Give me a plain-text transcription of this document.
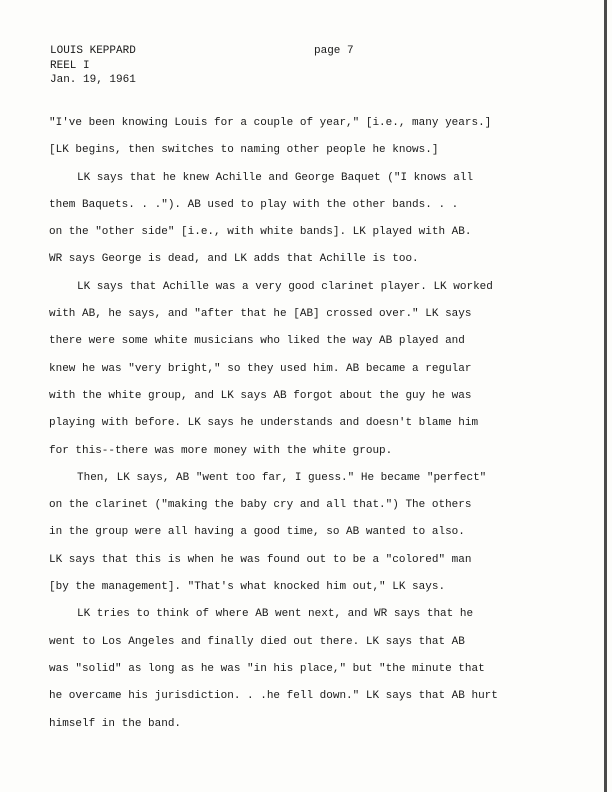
LOUIS KEPPARD
REEL I
Jan. 19, 1961
page 7
"I've been knowing Louis for a couple of year," [i.e., many years.]
[LK begins, then switches to naming other people he knows.]
LK says that he knew Achille and George Baquet ("I knows all
them Baquets. . ."). AB used to play with the other bands. . .
on the "other side" [i.e., with white bands]. LK played with AB.
WR says George is dead, and LK adds that Achille is too.
LK says that Achille was a very good clarinet player. LK worked
with AB, he says, and "after that he [AB] crossed over." LK says
there were some white musicians who liked the way AB played and
knew he was "very bright," so they used him. AB became a regular
with the white group, and LK says AB forgot about the guy he was
playing with before. LK says he understands and doesn't blame him
for this--there was more money with the white group.
Then, LK says, AB "went too far, I guess." He became "perfect"
on the clarinet ("making the baby cry and all that.") The others
in the group were all having a good time, so AB wanted to also.
LK says that this is when he was found out to be a "colored" man
[by the management]. "That's what knocked him out," LK says.
LK tries to think of where AB went next, and WR says that he
went to Los Angeles and finally died out there. LK says that AB
was "solid" as long as he was "in his place," but "the minute that
he overcame his jurisdiction. . .he fell down." LK says that AB hurt
himself in the band.
